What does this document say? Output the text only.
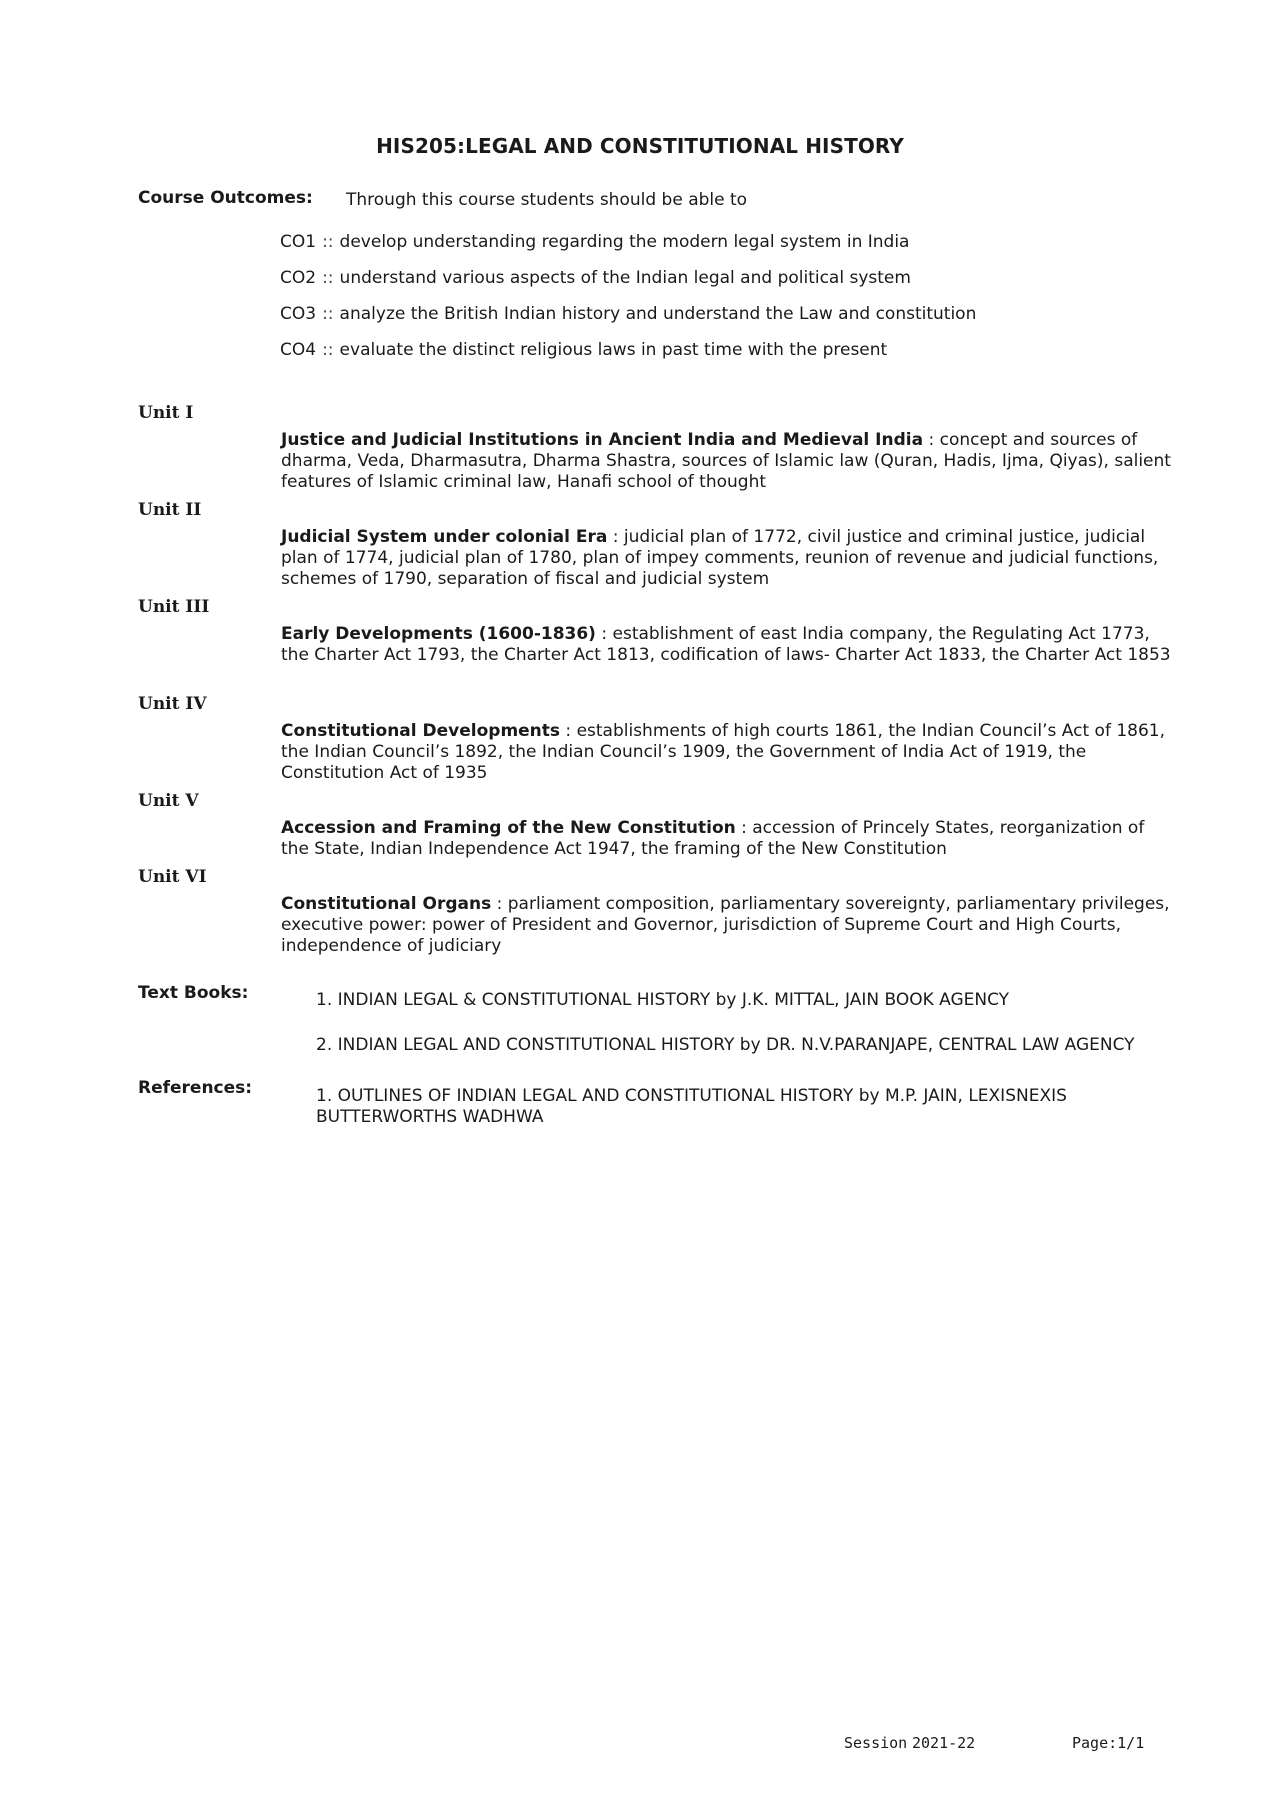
HIS205:LEGAL AND CONSTITUTIONAL HISTORY
Course Outcomes: Through this course students should be able to
CO1 :: develop understanding regarding the modern legal system in India
CO2 :: understand various aspects of the Indian legal and political system
CO3 :: analyze the British Indian history and understand the Law and constitution
CO4 :: evaluate the distinct religious laws in past time with the present
Unit I
Justice and Judicial Institutions in Ancient India and Medieval India : concept and sources of dharma, Veda, Dharmasutra, Dharma Shastra, sources of Islamic law (Quran, Hadis, Ijma, Qiyas), salient features of Islamic criminal law, Hanafi school of thought
Unit II
Judicial System under colonial Era : judicial plan of 1772, civil justice and criminal justice, judicial plan of 1774, judicial plan of 1780, plan of impey comments, reunion of revenue and judicial functions, schemes of 1790, separation of fiscal and judicial system
Unit III
Early Developments (1600-1836) : establishment of east India company, the Regulating Act 1773, the Charter Act 1793, the Charter Act 1813, codification of laws- Charter Act 1833, the Charter Act 1853
Unit IV
Constitutional Developments : establishments of high courts 1861, the Indian Council’s Act of 1861, the Indian Council’s 1892, the Indian Council’s 1909, the Government of India Act of 1919, the Constitution Act of 1935
Unit V
Accession and Framing of the New Constitution : accession of Princely States, reorganization of the State, Indian Independence Act 1947, the framing of the New Constitution
Unit VI
Constitutional Organs : parliament composition, parliamentary sovereignty, parliamentary privileges, executive power: power of President and Governor, jurisdiction of Supreme Court and High Courts, independence of judiciary
Text Books:	1. INDIAN LEGAL & CONSTITUTIONAL HISTORY by J.K. MITTAL, JAIN BOOK AGENCY
2. INDIAN LEGAL AND CONSTITUTIONAL HISTORY by DR. N.V.PARANJAPE, CENTRAL LAW AGENCY
References:	1. OUTLINES OF INDIAN LEGAL AND CONSTITUTIONAL HISTORY by M.P. JAIN, LEXISNEXIS BUTTERWORTHS WADHWA
Session 2021-22	Page:1/1
